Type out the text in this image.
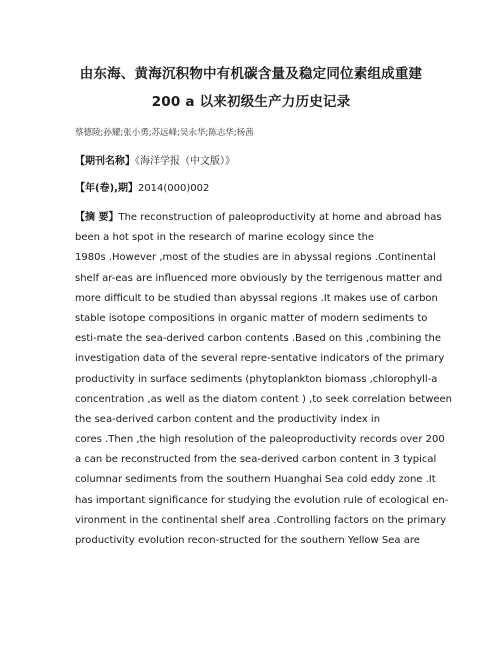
由东海、黄海沉积物中有机碳含量及稳定同位素组成重建
200 a 以来初级生产力历史记录
蔡德陵;孙耀;张小勇;苏远峰;吴永华;陈志华;杨茜
【期刊名称】《海洋学报（中文版）》
【年(卷),期】2014(000)002
【摘 要】The reconstruction of paleoproductivity at home and abroad has
been a hot spot in the research of marine ecology since the
1980s .However ,most of the studies are in abyssal regions .Continental
shelf ar-eas are influenced more obviously by the terrigenous matter and
more difficult to be studied than abyssal regions .It makes use of carbon
stable isotope compositions in organic matter of modern sediments to
esti-mate the sea-derived carbon contents .Based on this ,combining the
investigation data of the several repre-sentative indicators of the primary
productivity in surface sediments (phytoplankton biomass ,chlorophyll-a
concentration ,as well as the diatom content ) ,to seek correlation between
the sea-derived carbon content and the productivity index in
cores .Then ,the high resolution of the paleoproductivity records over 200
a can be reconstructed from the sea-derived carbon content in 3 typical
columnar sediments from the southern Huanghai Sea cold eddy zone .It
has important significance for studying the evolution rule of ecological en-
vironment in the continental shelf area .Controlling factors on the primary
productivity evolution recon-structed for the southern Yellow Sea are
